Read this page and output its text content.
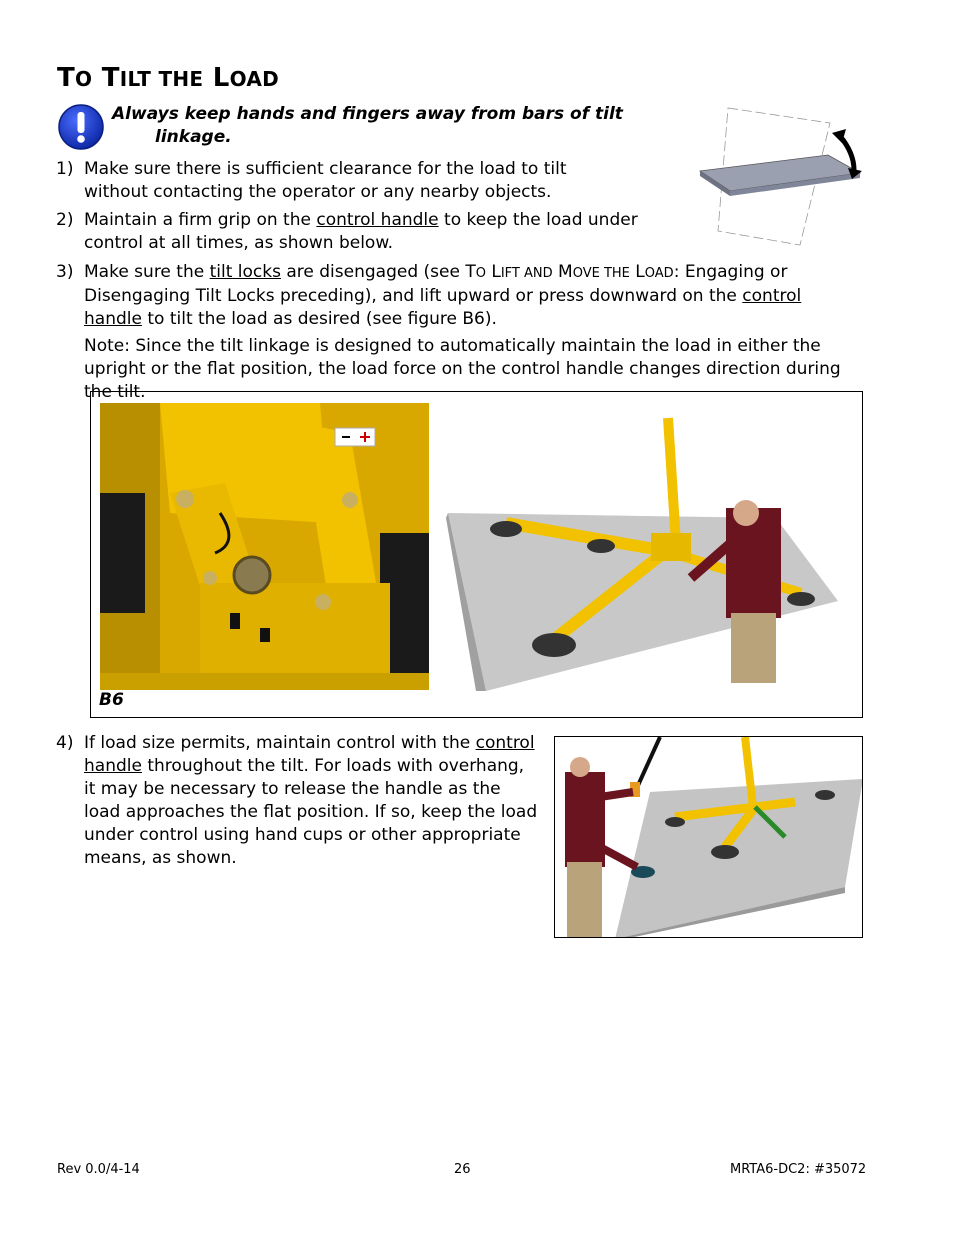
TO TILT THE LOAD
Always keep hands and fingers away from bars of tilt
linkage.
1) Make sure there is sufficient clearance for the load to tilt without contacting the operator or any nearby objects.
2) Maintain a firm grip on the control handle to keep the load under control at all times, as shown below.
3) Make sure the tilt locks are disengaged (see TO LIFT AND MOVE THE LOAD: Engaging or Disengaging Tilt Locks preceding), and lift upward or press downward on the control handle to tilt the load as desired (see figure B6).
Note: Since the tilt linkage is designed to automatically maintain the load in either the upright or the flat position, the load force on the control handle changes direction during the tilt.
B6
4) If load size permits, maintain control with the control handle throughout the tilt. For loads with overhang, it may be necessary to release the handle as the load approaches the flat position. If so, keep the load under control using hand cups or other appropriate means, as shown.
Rev 0.0/4-14	26	MRTA6-DC2: #35072
